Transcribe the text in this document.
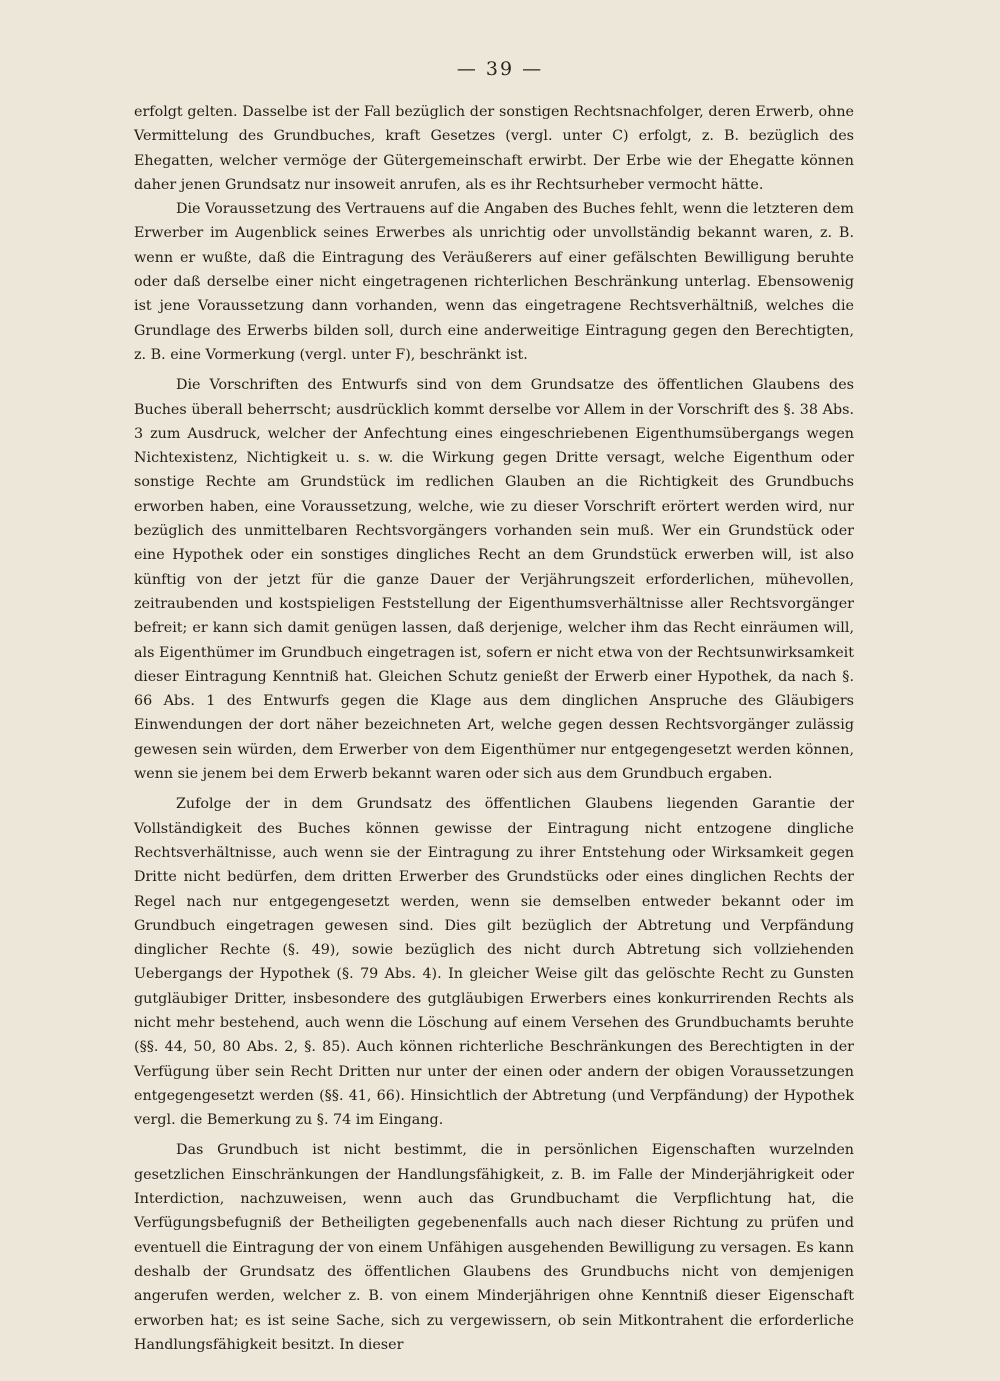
— 39 —

erfolgt gelten. Dasselbe ist der Fall bezüglich der sonstigen Rechtsnachfolger, deren Erwerb, ohne Vermittelung des Grundbuches, kraft Gesetzes (vergl. unter C) erfolgt, z. B. bezüglich des Ehegatten, welcher vermöge der Gütergemeinschaft erwirbt. Der Erbe wie der Ehegatte können daher jenen Grundsatz nur insoweit anrufen, als es ihr Rechtsurheber vermocht hätte.

Die Voraussetzung des Vertrauens auf die Angaben des Buches fehlt, wenn die letzteren dem Erwerber im Augenblick seines Erwerbes als unrichtig oder unvollständig bekannt waren, z. B. wenn er wußte, daß die Eintragung des Veräußerers auf einer gefälschten Bewilligung beruhte oder daß derselbe einer nicht eingetragenen richterlichen Beschränkung unterlag. Ebensowenig ist jene Voraussetzung dann vorhanden, wenn das eingetragene Rechtsverhältniß, welches die Grundlage des Erwerbs bilden soll, durch eine anderweitige Eintragung gegen den Berechtigten, z. B. eine Vormerkung (vergl. unter F), beschränkt ist.

Die Vorschriften des Entwurfs sind von dem Grundsatze des öffentlichen Glaubens des Buches überall beherrscht; ausdrücklich kommt derselbe vor Allem in der Vorschrift des §. 38 Abs. 3 zum Ausdruck, welcher der Anfechtung eines eingeschriebenen Eigenthumsübergangs wegen Nichtexistenz, Nichtigkeit u. s. w. die Wirkung gegen Dritte versagt, welche Eigenthum oder sonstige Rechte am Grundstück im redlichen Glauben an die Richtigkeit des Grundbuchs erworben haben, eine Voraussetzung, welche, wie zu dieser Vorschrift erörtert werden wird, nur bezüglich des unmittelbaren Rechtsvorgängers vorhanden sein muß. Wer ein Grundstück oder eine Hypothek oder ein sonstiges dingliches Recht an dem Grundstück erwerben will, ist also künftig von der jetzt für die ganze Dauer der Verjährungszeit erforderlichen, mühevollen, zeitraubenden und kostspieligen Feststellung der Eigenthumsverhältnisse aller Rechtsvorgänger befreit; er kann sich damit genügen lassen, daß derjenige, welcher ihm das Recht einräumen will, als Eigenthümer im Grundbuch eingetragen ist, sofern er nicht etwa von der Rechtsunwirksamkeit dieser Eintragung Kenntniß hat. Gleichen Schutz genießt der Erwerb einer Hypothek, da nach §. 66 Abs. 1 des Entwurfs gegen die Klage aus dem dinglichen Anspruche des Gläubigers Einwendungen der dort näher bezeichneten Art, welche gegen dessen Rechtsvorgänger zulässig gewesen sein würden, dem Erwerber von dem Eigenthümer nur entgegengesetzt werden können, wenn sie jenem bei dem Erwerb bekannt waren oder sich aus dem Grundbuch ergaben.

Zufolge der in dem Grundsatz des öffentlichen Glaubens liegenden Garantie der Vollständigkeit des Buches können gewisse der Eintragung nicht entzogene dingliche Rechtsverhältnisse, auch wenn sie der Eintragung zu ihrer Entstehung oder Wirksamkeit gegen Dritte nicht bedürfen, dem dritten Erwerber des Grundstücks oder eines dinglichen Rechts der Regel nach nur entgegengesetzt werden, wenn sie demselben entweder bekannt oder im Grundbuch eingetragen gewesen sind. Dies gilt bezüglich der Abtretung und Verpfändung dinglicher Rechte (§. 49), sowie bezüglich des nicht durch Abtretung sich vollziehenden Uebergangs der Hypothek (§. 79 Abs. 4). In gleicher Weise gilt das gelöschte Recht zu Gunsten gutgläubiger Dritter, insbesondere des gutgläubigen Erwerbers eines konkurrirenden Rechts als nicht mehr bestehend, auch wenn die Löschung auf einem Versehen des Grundbuchamts beruhte (§§. 44, 50, 80 Abs. 2, §. 85). Auch können richterliche Beschränkungen des Berechtigten in der Verfügung über sein Recht Dritten nur unter der einen oder andern der obigen Voraussetzungen entgegengesetzt werden (§§. 41, 66). Hinsichtlich der Abtretung (und Verpfändung) der Hypothek vergl. die Bemerkung zu §. 74 im Eingang.

Das Grundbuch ist nicht bestimmt, die in persönlichen Eigenschaften wurzelnden gesetzlichen Einschränkungen der Handlungsfähigkeit, z. B. im Falle der Minderjährigkeit oder Interdiction, nachzuweisen, wenn auch das Grundbuchamt die Verpflichtung hat, die Verfügungsbefugniß der Betheiligten gegebenenfalls auch nach dieser Richtung zu prüfen und eventuell die Eintragung der von einem Unfähigen ausgehenden Bewilligung zu versagen. Es kann deshalb der Grundsatz des öffentlichen Glaubens des Grundbuchs nicht von demjenigen angerufen werden, welcher z. B. von einem Minderjährigen ohne Kenntniß dieser Eigenschaft erworben hat; es ist seine Sache, sich zu vergewissern, ob sein Mitkontrahent die erforderliche Handlungsfähigkeit besitzt. In dieser
